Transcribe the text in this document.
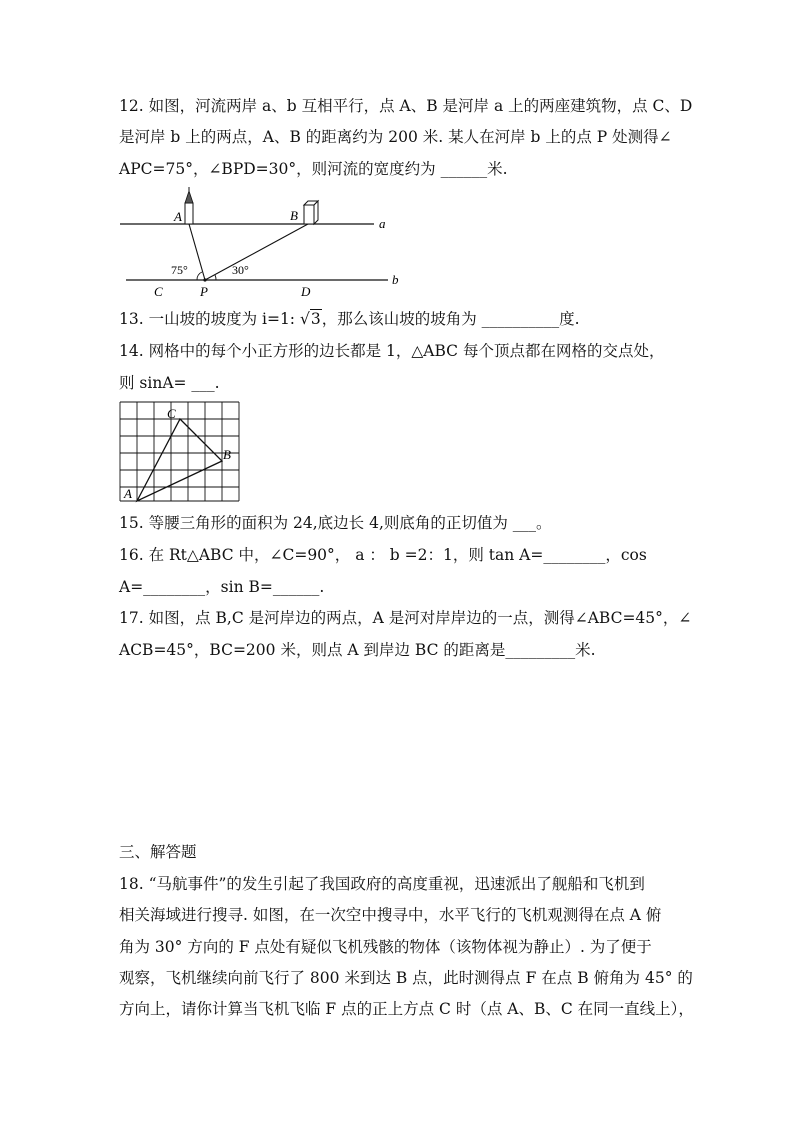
12. 如图，河流两岸 a、b 互相平行，点 A、B 是河岸 a 上的两座建筑物，点 C、D
是河岸 b 上的两点，A、B 的距离约为 200 米. 某人在河岸 b 上的点 P 处测得∠
APC=75°，∠BPD=30°，则河流的宽度约为 ______米.
A	B
a
b
C	P	D
75°	30°
13. 一山坡的坡度为 i=1: √3，那么该山坡的坡角为 __________度.
14. 网格中的每个小正方形的边长都是 1，△ABC 每个顶点都在网格的交点处，
则 sinA= ___.
A
B
C
15. 等腰三角形的面积为 24,底边长 4,则底角的正切值为 ___。
16. 在 Rt△ABC 中，∠C=90°， a ： b =2：1，则 tan A=________，cos
A=________，sin B=______.
17. 如图，点 B,C 是河岸边的两点，A 是河对岸岸边的一点，测得∠ABC=45°，∠
ACB=45°，BC=200 米，则点 A 到岸边 BC 的距离是_________米.
三、解答题
18. “马航事件”的发生引起了我国政府的高度重视，迅速派出了舰船和飞机到
相关海域进行搜寻. 如图，在一次空中搜寻中，水平飞行的飞机观测得在点 A 俯
角为 30° 方向的 F 点处有疑似飞机残骸的物体（该物体视为静止）. 为了便于
观察，飞机继续向前飞行了 800 米到达 B 点，此时测得点 F 在点 B 俯角为 45° 的
方向上，请你计算当飞机飞临 F 点的正上方点 C 时（点 A、B、C 在同一直线上），
